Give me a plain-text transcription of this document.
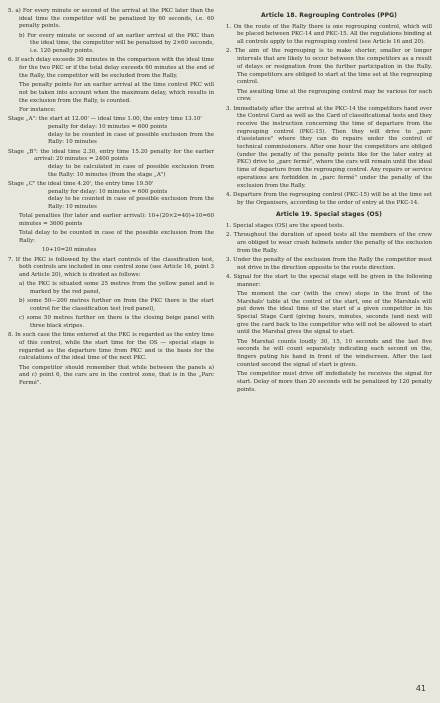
5. a) For every minute or second of the arrival at the PKC later than the ideal time the competitor will be penalized by 60 seconds, i.e. 60 penalty points.

b) For every minute or second of an earlier arrival at the PKC than the ideal time, the competitor will be penalized by 2×60 seconds, i.e. 120 penalty points.

6. If each delay exceeds 30 minutes in the comparison with the ideal time for the two PKC or if the total delay exceeds 60 minutes at the end of the Rally, the competitor will be excluded from the Rally.

The penalty points for an earlier arrival at the time control PKC will not be taken into account when the maximum delay, which results in the exclusion from the Rally, is counted.

For instance:

Stage „A": the start at 12.00' — ideal time 1.00, the entry time 13.10'
penalty for delay: 10 minutes = 600 points
delay to be counted in case of possible exclusion from the Rally: 10 minutes

Stage „B": the ideal time 2.30, entry time 15.20 penalty for the earlier arrival: 20 minutes = 2400 points
delay to be calculated in case of possible exclusion from the Rally: 10 minutes (from the stage „A")

Stage „C" the ideal time 4.20', the entry time 19.50'
penalty for delay: 10 minutes = 600 points
delay to be counted in case of possible exclusion from the Rally: 10 minutes

Total penalties (for later and earlier arrival): 10+(20×2=40)+10=60 minutes = 3600 points

Total delay to be counted in case of the possible exclusion from the Rally:

10+10=20 minutes

7. If the PKC is followed by the start controls of the classification test, both controls are included in one control zone (see Article 16, point 3 and Article 20), which is divided as follows:

a) the PKC is situated some 25 metres from the yellow panel and is marked by the red panel,

b) some 50—200 metres further on from the PKC there is the start control for the classification test (red panel),

c) some 50 metres further on there is the closing beige panel with three black stripes.

8. In such case the time entered at the PKC is regarded as the entry time of this control, while the start time for the OS — special stage is regarded as the departure time from PKC and is the basis for the calculations of the ideal time of the next PKC.

The competitor should remember that while between the panels a) and c) point 6, the cars are in the control zone, that is in the „Parc Fermé".

Article 18. Regrouping Controles (PPG)

1. On the route of the Rally there is one regrouping control, which will be placed between PKC-14 and PKC-15. All the regulations binding at all controls apply to the regrouping control (see Article 16 and 20).

2. The aim of the regrouping is to make shorter, smaller or longer intervals that are likely to occur between the competitors as a result of delays or resignation from the further participation in the Rally. The competitors are obliged to start at the time set at the regrouping control.

The awaiting time at the regrouping control may be various for each crew.

3. Immediately after the arrival at the PKC-14 the competitors hand over the Control Card as well as the Card of classificational tests and they receive the instruction concerning the time of departure from the regrouping control (PKC-15). Then they will drive to „parc d'assistance" where they can do repairs under the control of technical commissioners. After one hour the competitors are obliged (under the penalty of the penalty points like for the later entry at PKC) drive to „parc fermé", where the cars will remain until the ideal time of departure from the regrouping control. Any repairs or service operations are forbidden in „parc fermé" under the penalty of the exclusion from the Rally.

4. Departure from the regrouping control (PKC-15) will be at the time set by the Organisers, according to the order of entry at the PKC-14.

Article 19. Special stages (OS)

1. Special stages (OS) are the speed tests.

2. Throughout the duration of speed tests all the members of the crew are obliged to wear crash helmets under the penalty of the exclusion from the Rally.

3. Under the penalty of the exclusion from the Rally the competitor must not drive in the direction opposite to the route direction.

4. Signal for the start to the special stage will be given in the following manner:

The moment the car (with the crew) stops in the front of the Marshals' table at the control of the start, one of the Marshals will put down the ideal time of the start of a given competitor in his Special Stage Card (giving hours, minutes, seconds )and next will give the card back to the competitor who will not be allowed to start until the Marshal gives the signal to start.

The Marshal counts loudly 30, 15, 10 seconds and the last five seconds he will count separately indicating each second on the, fingers puting his hand in front of the windscreen. After the last counted second the signal of start is given.

The competitor must drive off imfediately he receives the signal for start. Delay of more than 20 seconds will be penalized by 120 penalty points.

41
